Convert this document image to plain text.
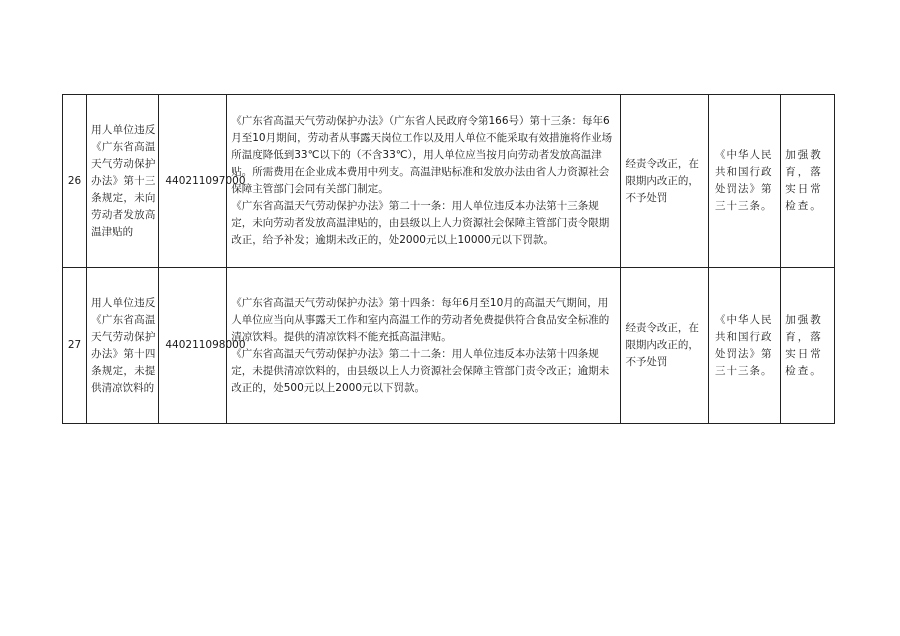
26	用人单位违反《广东省高温天气劳动保护办法》第十三条规定，未向劳动者发放高温津贴的	440211097000	《广东省高温天气劳动保护办法》（广东省人民政府令第166号）第十三条：每年6月至10月期间，劳动者从事露天岗位工作以及用人单位不能采取有效措施将作业场所温度降低到33℃以下的（不含33℃），用人单位应当按月向劳动者发放高温津贴。所需费用在企业成本费用中列支。高温津贴标准和发放办法由省人力资源社会保障主管部门会同有关部门制定。

《广东省高温天气劳动保护办法》第二十一条：用人单位违反本办法第十三条规定，未向劳动者发放高温津贴的，由县级以上人力资源社会保障主管部门责令限期改正，给予补发；逾期未改正的，处2000元以上10000元以下罚款。	经责令改正，在限期内改正的，不予处罚	《中华人民共和国行政处罚法》第三十三条。	加强教育，落实日常检查。
27	用人单位违反《广东省高温天气劳动保护办法》第十四条规定，未提供清凉饮料的	440211098000	《广东省高温天气劳动保护办法》第十四条：每年6月至10月的高温天气期间，用人单位应当向从事露天工作和室内高温工作的劳动者免费提供符合食品安全标准的清凉饮料。提供的清凉饮料不能充抵高温津贴。

《广东省高温天气劳动保护办法》第二十二条：用人单位违反本办法第十四条规定，未提供清凉饮料的，由县级以上人力资源社会保障主管部门责令改正；逾期未改正的，处500元以上2000元以下罚款。	经责令改正，在限期内改正的，不予处罚	《中华人民共和国行政处罚法》第三十三条。	加强教育，落实日常检查。
